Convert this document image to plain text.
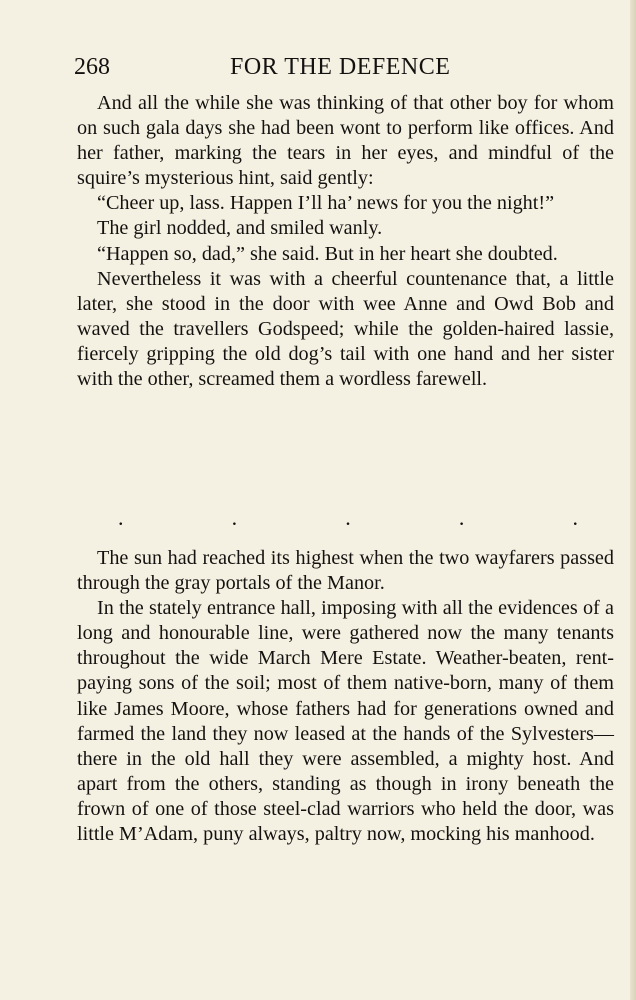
268	FOR THE DEFENCE

And all the while she was thinking of that other boy for whom on such gala days she had been wont to perform like offices. And her father, marking the tears in her eyes, and mindful of the squire’s mysterious hint, said gently:

“Cheer up, lass. Happen I’ll ha’ news for you the night!”

The girl nodded, and smiled wanly.

“Happen so, dad,” she said. But in her heart she doubted.

Nevertheless it was with a cheerful countenance that, a little later, she stood in the door with wee Anne and Owd Bob and waved the travellers Godspeed; while the golden-haired lassie, fiercely gripping the old dog’s tail with one hand and her sister with the other, screamed them a wordless farewell.

.	.	.	.	.

The sun had reached its highest when the two wayfarers passed through the gray portals of the Manor.

In the stately entrance hall, imposing with all the evidences of a long and honourable line, were gathered now the many tenants throughout the wide March Mere Estate. Weather-beaten, rent-paying sons of the soil; most of them native-born, many of them like James Moore, whose fathers had for generations owned and farmed the land they now leased at the hands of the Sylvesters—there in the old hall they were assembled, a mighty host. And apart from the others, standing as though in irony beneath the frown of one of those steel-clad warriors who held the door, was little M’Adam, puny always, paltry now, mocking his manhood.
